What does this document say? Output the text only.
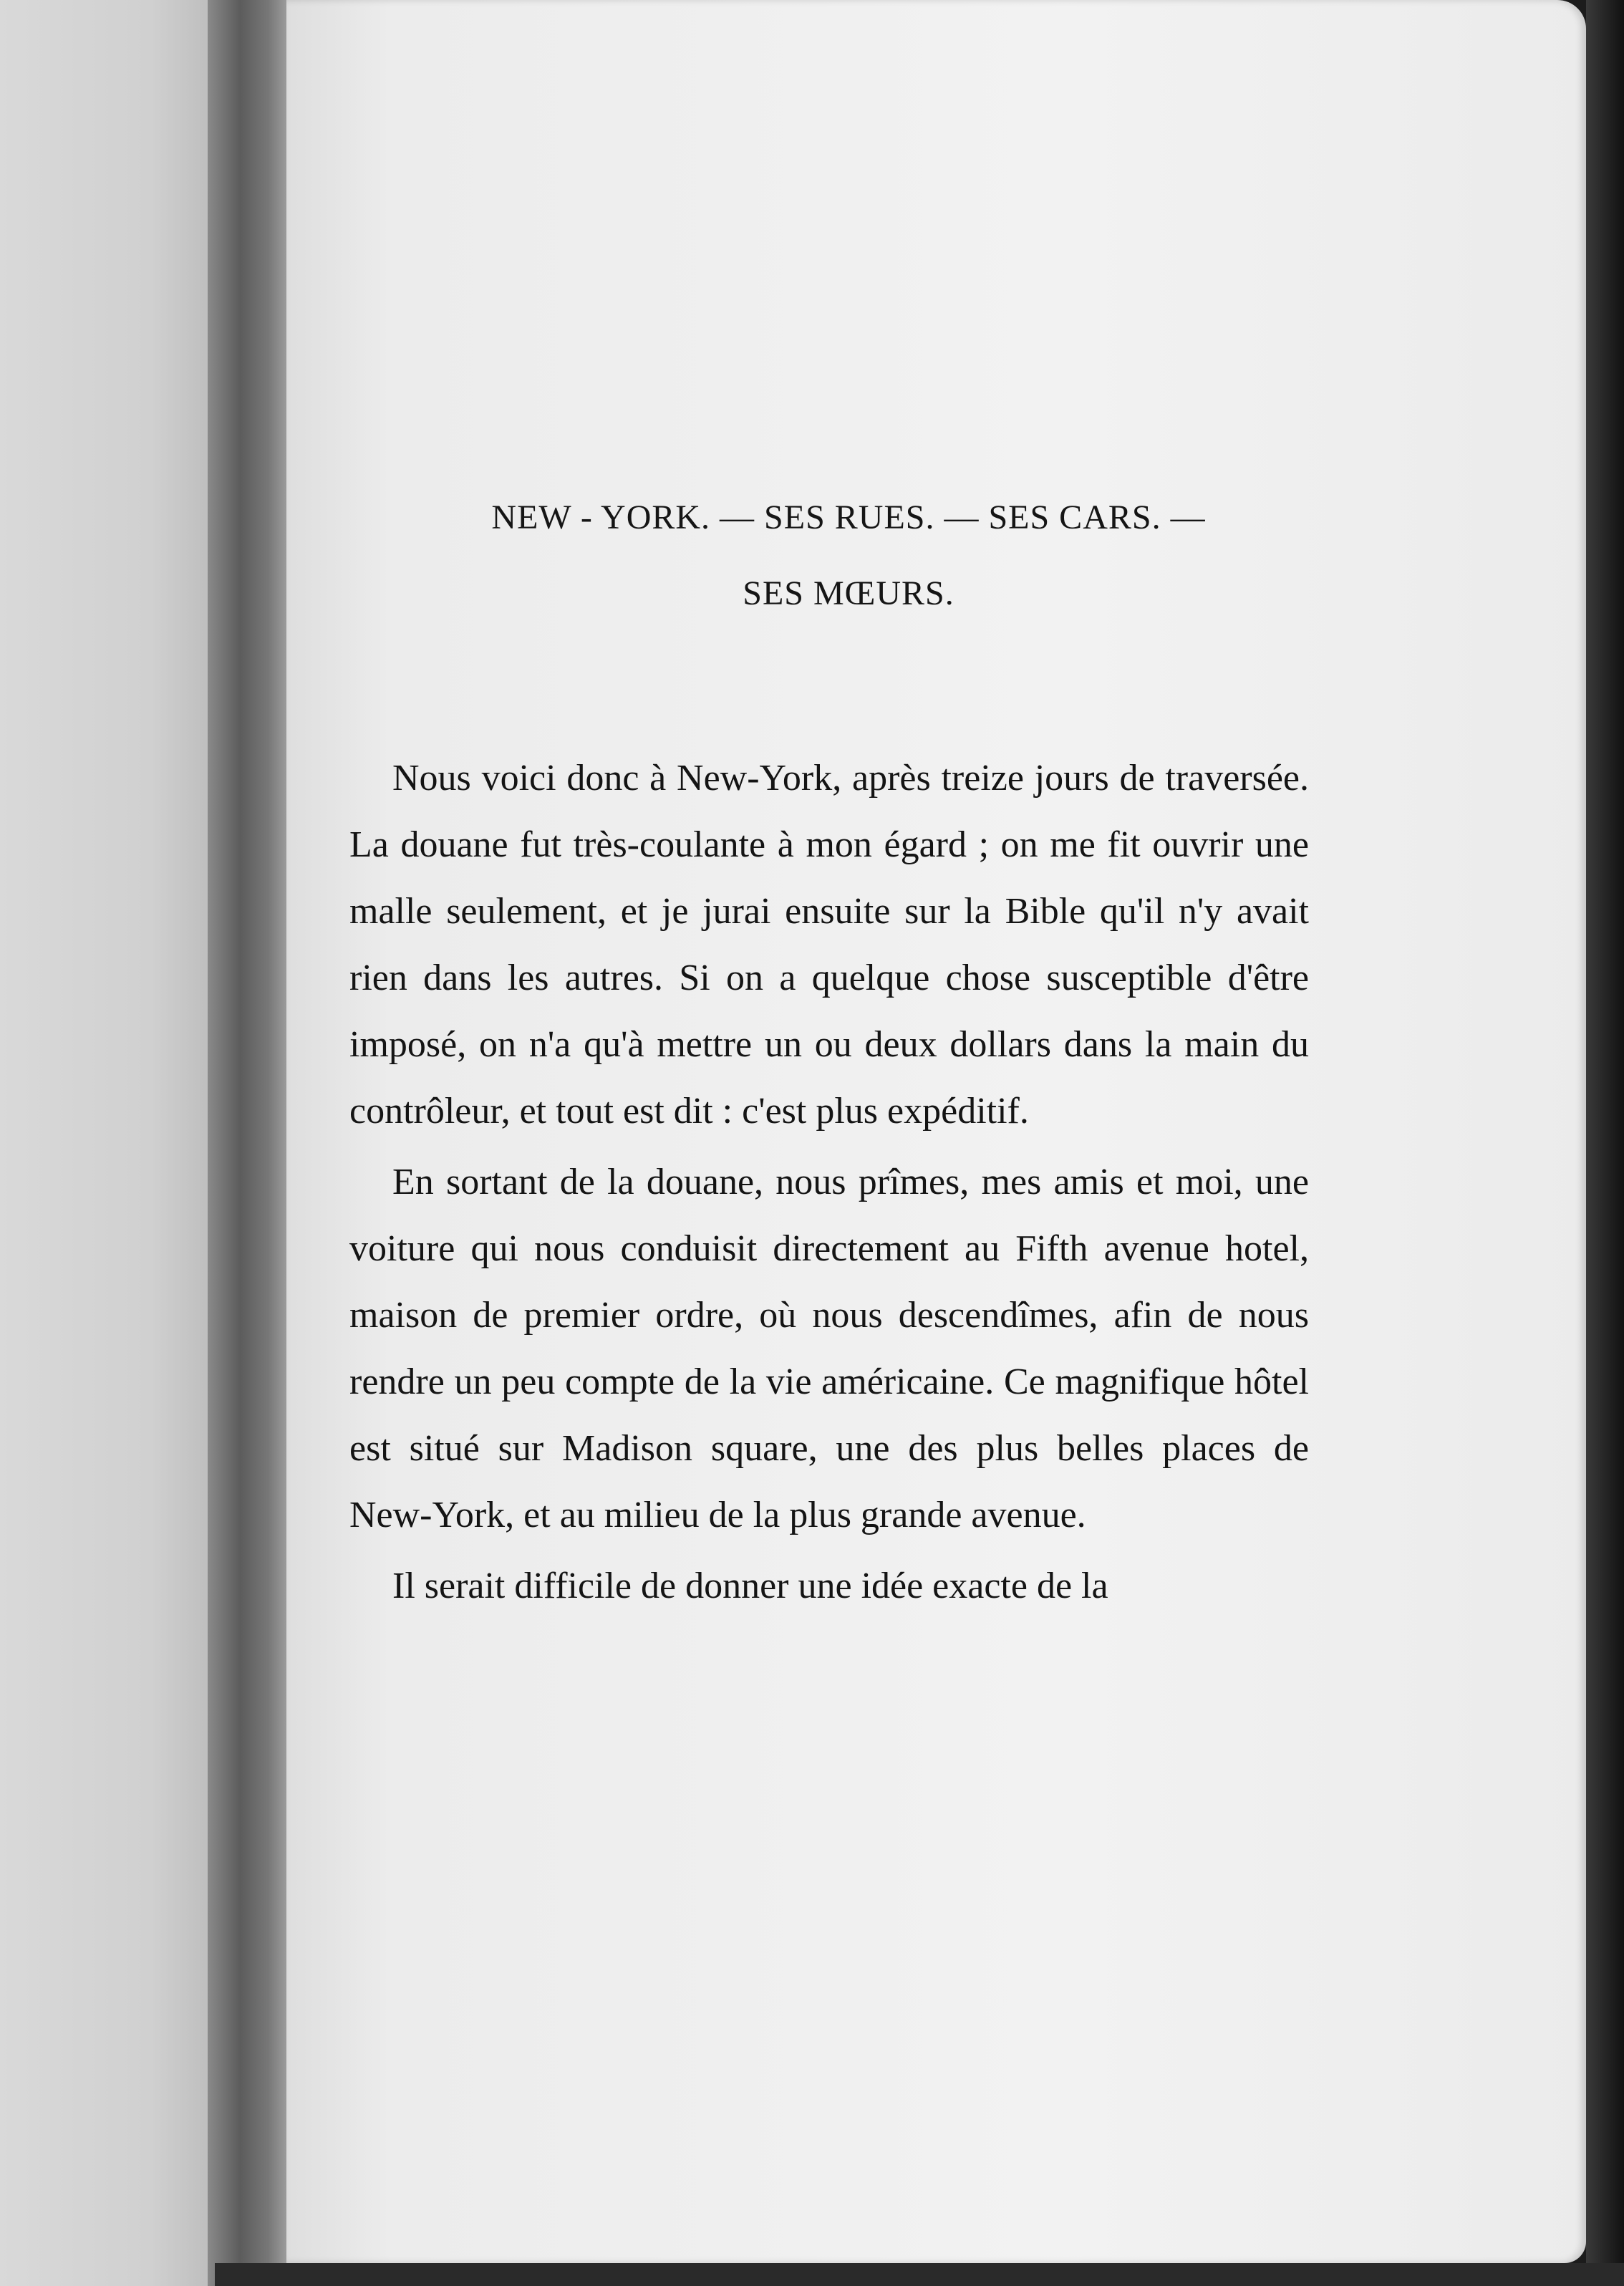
NEW - YORK. — SES RUES. — SES CARS. —
SES MŒURS.

Nous voici donc à New-York, après treize jours de traversée. La douane fut très-coulante à mon égard ; on me fit ouvrir une malle seulement, et je jurai ensuite sur la Bible qu'il n'y avait rien dans les autres. Si on a quelque chose susceptible d'être imposé, on n'a qu'à mettre un ou deux dollars dans la main du contrôleur, et tout est dit : c'est plus expéditif.

En sortant de la douane, nous prîmes, mes amis et moi, une voiture qui nous conduisit directement au Fifth avenue hotel, maison de premier ordre, où nous descendîmes, afin de nous rendre un peu compte de la vie américaine. Ce magnifique hôtel est situé sur Madison square, une des plus belles places de New-York, et au milieu de la plus grande avenue.

Il serait difficile de donner une idée exacte de la
